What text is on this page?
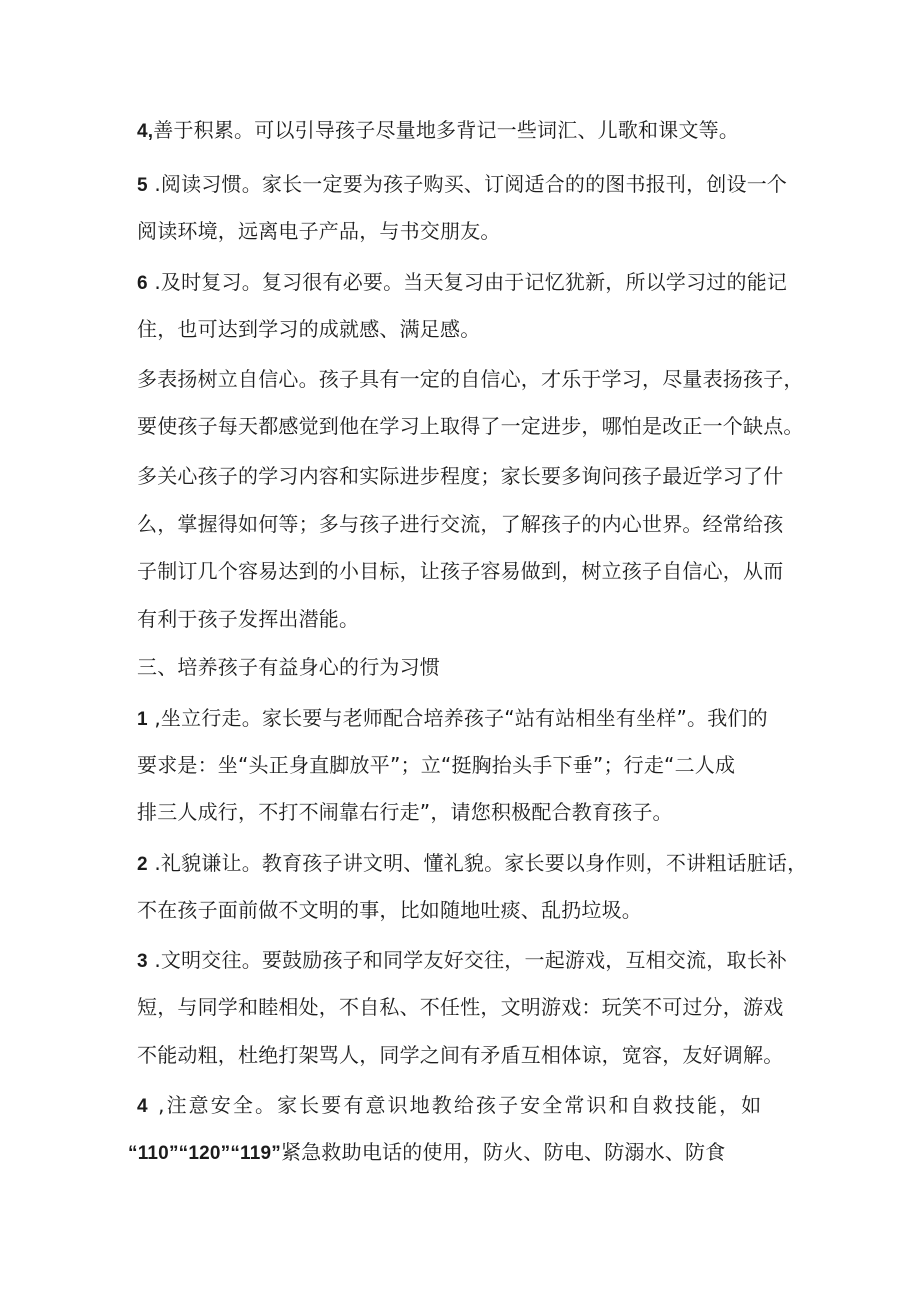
4,善于积累。可以引导孩子尽量地多背记一些词汇、儿歌和课文等。
5 .阅读习惯。家长一定要为孩子购买、订阅适合的的图书报刊，创设一个
阅读环境，远离电子产品，与书交朋友。
6 .及时复习。复习很有必要。当天复习由于记忆犹新，所以学习过的能记
住，也可达到学习的成就感、满足感。
多表扬树立自信心。孩子具有一定的自信心，才乐于学习，尽量表扬孩子，
要使孩子每天都感觉到他在学习上取得了一定进步，哪怕是改正一个缺点。
多关心孩子的学习内容和实际进步程度；家长要多询问孩子最近学习了什
么，掌握得如何等；多与孩子进行交流，了解孩子的内心世界。经常给孩
子制订几个容易达到的小目标，让孩子容易做到，树立孩子自信心，从而
有利于孩子发挥出潜能。
三、培养孩子有益身心的行为习惯
1 ,坐立行走。家长要与老师配合培养孩子“站有站相坐有坐样”。我们的
要求是：坐“头正身直脚放平”；立“挺胸抬头手下垂”；行走“二人成
排三人成行，不打不闹靠右行走”，请您积极配合教育孩子。
2 .礼貌谦让。教育孩子讲文明、懂礼貌。家长要以身作则，不讲粗话脏话，
不在孩子面前做不文明的事，比如随地吐痰、乱扔垃圾。
3 .文明交往。要鼓励孩子和同学友好交往，一起游戏，互相交流，取长补
短，与同学和睦相处，不自私、不任性，文明游戏：玩笑不可过分，游戏
不能动粗，杜绝打架骂人，同学之间有矛盾互相体谅，宽容，友好调解。
4 ,注意安全。家长要有意识地教给孩子安全常识和自救技能，如
“110”“120”“119”紧急救助电话的使用，防火、防电、防溺水、防食
